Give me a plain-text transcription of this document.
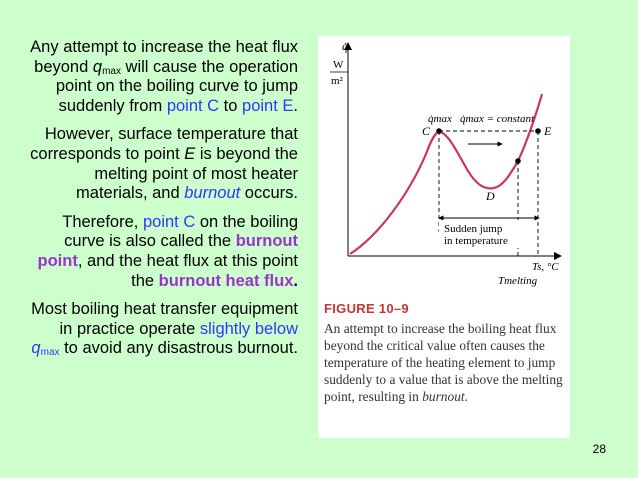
Any attempt to increase the heat flux beyond $q_{max}$ will cause the operation point on the boiling curve to jump suddenly from point C to point E.

However, surface temperature that corresponds to point E is beyond the melting point of most heater materials, and burnout occurs.

Therefore, point C on the boiling curve is also called the burnout point, and the heat flux at this point the burnout heat flux.

Most boiling heat transfer equipment in practice operate slightly below $q_{max}$ to avoid any disastrous burnout.

q̇
W
m²
q̇max q̇max = constant
C
D
E
Sudden jump
in temperature
Ts, °C
Tmelting
FIGURE 10–9
An attempt to increase the boiling heat flux beyond the critical value often causes the temperature of the heating element to jump suddenly to a value that is above the melting point, resulting in burnout.
28
